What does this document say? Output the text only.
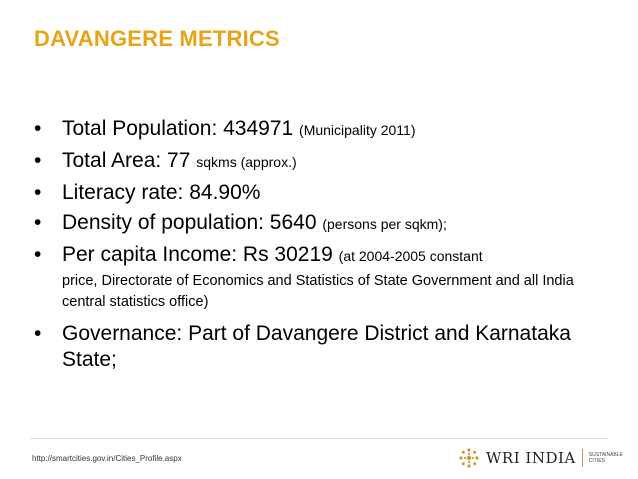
DAVANGERE METRICS
• Total Population: 434971 (Municipality 2011)
• Total Area: 77 sqkms (approx.)
• Literacy rate: 84.90%
• Density of population: 5640 (persons per sqkm);
• Per capita Income: Rs 30219 (at 2004-2005 constant
price, Directorate of Economics and Statistics of State Government and all India central statistics office)
• Governance: Part of Davangere District and Karnataka State;
http://smartcities.gov.in/Cities_Profile.aspx	WRI INDIA	SUSTAINABLE CITIES
